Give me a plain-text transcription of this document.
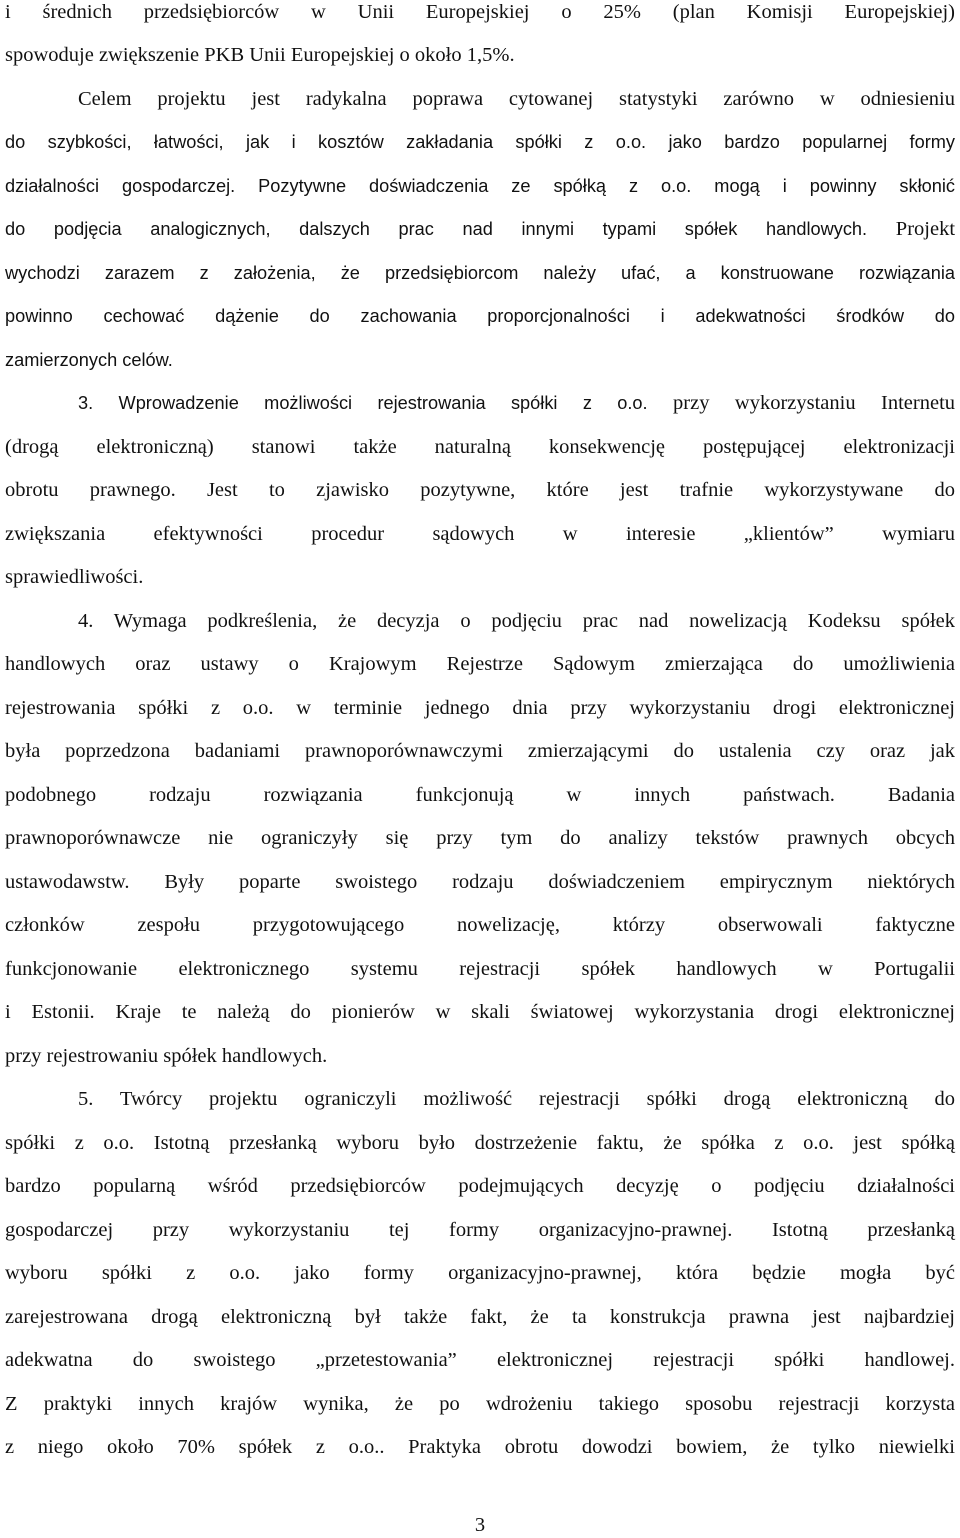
i średnich przedsiębiorców w Unii Europejskiej o 25% (plan Komisji Europejskiej)
spowoduje zwiększenie PKB Unii Europejskiej o około 1,5%.
Celem projektu jest radykalna poprawa cytowanej statystyki zarówno w odniesieniu
do szybkości, łatwości, jak i kosztów zakładania spółki z o.o. jako bardzo popularnej formy
działalności gospodarczej. Pozytywne doświadczenia ze spółką z o.o. mogą i powinny skłonić
do podjęcia analogicznych, dalszych prac nad innymi typami spółek handlowych. Projekt
wychodzi zarazem z założenia, że przedsiębiorcom należy ufać, a konstruowane rozwiązania
powinno cechować dążenie do zachowania proporcjonalności i adekwatności środków do
zamierzonych celów.
3. Wprowadzenie możliwości rejestrowania spółki z o.o. przy wykorzystaniu Internetu
(drogą elektroniczną) stanowi także naturalną konsekwencję postępującej elektronizacji
obrotu prawnego. Jest to zjawisko pozytywne, które jest trafnie wykorzystywane do
zwiększania efektywności procedur sądowych w interesie „klientów” wymiaru
sprawiedliwości.
4. Wymaga podkreślenia, że decyzja o podjęciu prac nad nowelizacją Kodeksu spółek
handlowych oraz ustawy o Krajowym Rejestrze Sądowym zmierzająca do umożliwienia
rejestrowania spółki z o.o. w terminie jednego dnia przy wykorzystaniu drogi elektronicznej
była poprzedzona badaniami prawnoporównawczymi zmierzającymi do ustalenia czy oraz jak
podobnego rodzaju rozwiązania funkcjonują w innych państwach. Badania
prawnoporównawcze nie ograniczyły się przy tym do analizy tekstów prawnych obcych
ustawodawstw. Były poparte swoistego rodzaju doświadczeniem empirycznym niektórych
członków zespołu przygotowującego nowelizację, którzy obserwowali faktyczne
funkcjonowanie elektronicznego systemu rejestracji spółek handlowych w Portugalii
i Estonii. Kraje te należą do pionierów w skali światowej wykorzystania drogi elektronicznej
przy rejestrowaniu spółek handlowych.
5. Twórcy projektu ograniczyli możliwość rejestracji spółki drogą elektroniczną do
spółki z o.o. Istotną przesłanką wyboru było dostrzeżenie faktu, że spółka z o.o. jest spółką
bardzo popularną wśród przedsiębiorców podejmujących decyzję o podjęciu działalności
gospodarczej przy wykorzystaniu tej formy organizacyjno-prawnej. Istotną przesłanką
wyboru spółki z o.o. jako formy organizacyjno-prawnej, która będzie mogła być
zarejestrowana drogą elektroniczną był także fakt, że ta konstrukcja prawna jest najbardziej
adekwatna do swoistego „przetestowania” elektronicznej rejestracji spółki handlowej.
Z praktyki innych krajów wynika, że po wdrożeniu takiego sposobu rejestracji korzysta
z niego około 70% spółek z o.o.. Praktyka obrotu dowodzi bowiem, że tylko niewielki
3
